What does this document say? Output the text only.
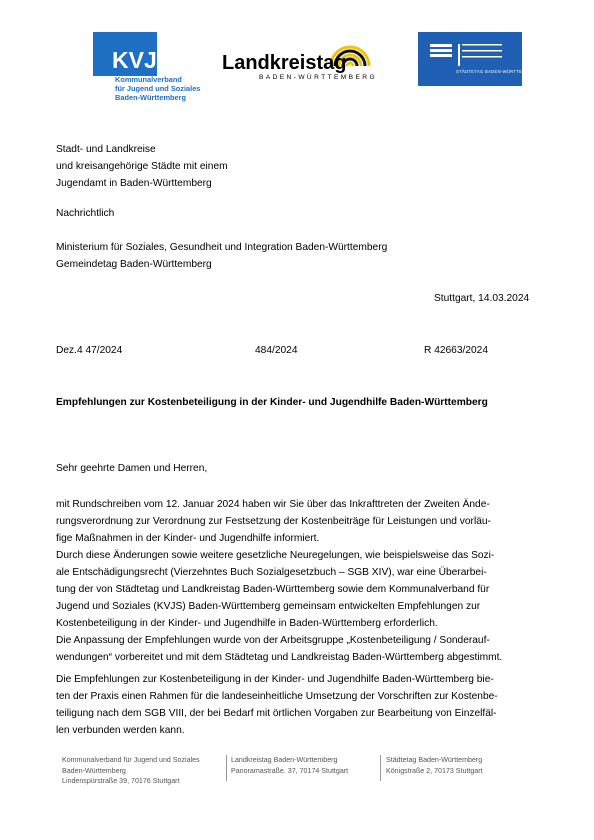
KVJS
Kommunalverband
für Jugend und Soziales
Baden-Württemberg
Landkreistag
BADEN-WÜRTTEMBERG
STÄDTETAG BADEN-WÜRTTEMBERG
Stadt- und Landkreise
und kreisangehörige Städte mit einem
Jugendamt in Baden-Württemberg
Nachrichtlich
Ministerium für Soziales, Gesundheit und Integration Baden-Württemberg
Gemeindetag Baden-Württemberg
Stuttgart, 14.03.2024
Dez.4 47/2024	484/2024	R 42663/2024
Empfehlungen zur Kostenbeteiligung in der Kinder- und Jugendhilfe Baden-Württemberg
Sehr geehrte Damen und Herren,
mit Rundschreiben vom 12. Januar 2024 haben wir Sie über das Inkrafttreten der Zweiten Ände-
rungsverordnung zur Verordnung zur Festsetzung der Kostenbeiträge für Leistungen und vorläu-
fige Maßnahmen in der Kinder- und Jugendhilfe informiert.
Durch diese Änderungen sowie weitere gesetzliche Neuregelungen, wie beispielsweise das Sozi-
ale Entschädigungsrecht (Vierzehntes Buch Sozialgesetzbuch – SGB XIV), war eine Überarbei-
tung der von Städtetag und Landkreistag Baden-Württemberg sowie dem Kommunalverband für
Jugend und Soziales (KVJS) Baden-Württemberg gemeinsam entwickelten Empfehlungen zur
Kostenbeteiligung in der Kinder- und Jugendhilfe in Baden-Württemberg erforderlich.
Die Anpassung der Empfehlungen wurde von der Arbeitsgruppe „Kostenbeteiligung / Sonderauf-
wendungen“ vorbereitet und mit dem Städtetag und Landkreistag Baden-Württemberg abgestimmt.
Die Empfehlungen zur Kostenbeteiligung in der Kinder- und Jugendhilfe Baden-Württemberg bie-
ten der Praxis einen Rahmen für die landeseinheitliche Umsetzung der Vorschriften zur Kostenbe-
teiligung nach dem SGB VIII, der bei Bedarf mit örtlichen Vorgaben zur Bearbeitung von Einzelfäl-
len verbunden werden kann.
Kommunalverband für Jugend und Soziales
Baden-Württemberg
Lindenspürstraße 39, 70176 Stuttgart
Landkreistag Baden-Württemberg
Panoramastraße. 37, 70174 Stuttgart
Städtetag Baden-Württemberg
Königstraße 2, 70173 Stuttgart
